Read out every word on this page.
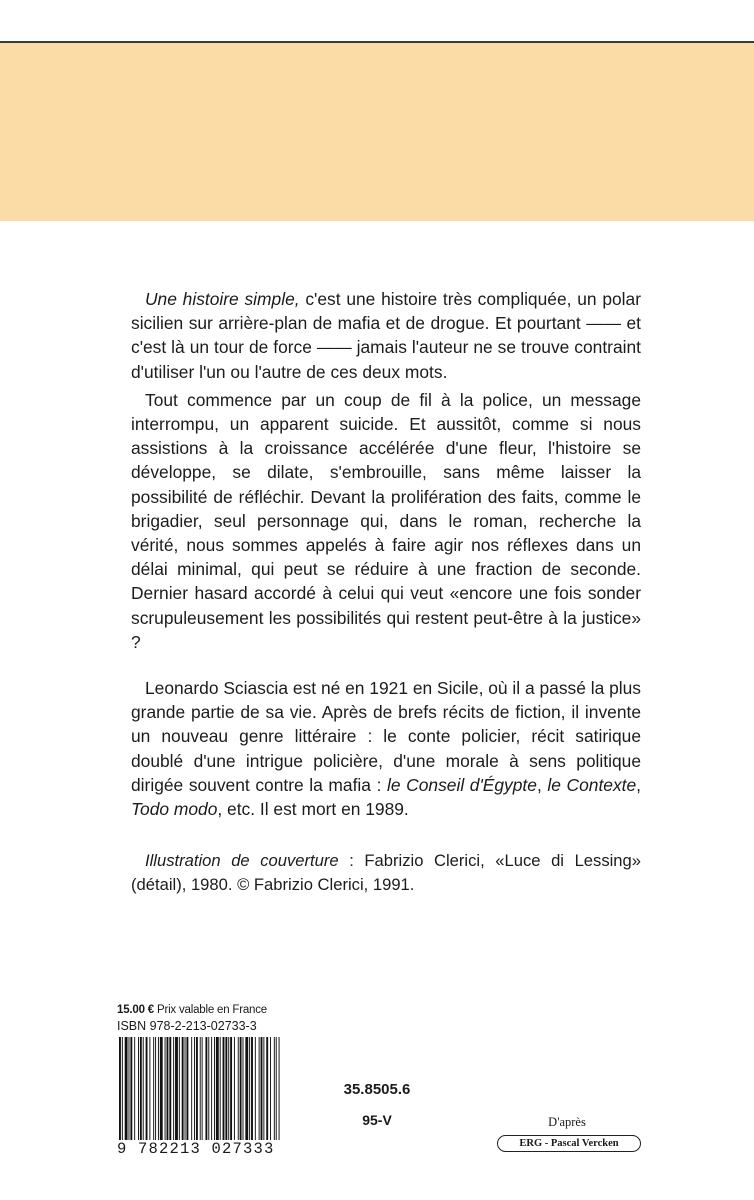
Une histoire simple, c'est une histoire très compliquée, un polar sicilien sur arrière-plan de mafia et de drogue. Et pourtant —— et c'est là un tour de force —— jamais l'auteur ne se trouve contraint d'utiliser l'un ou l'autre de ces deux mots.

Tout commence par un coup de fil à la police, un message interrompu, un apparent suicide. Et aussitôt, comme si nous assistions à la croissance accélérée d'une fleur, l'histoire se développe, se dilate, s'embrouille, sans même laisser la possibilité de réfléchir. Devant la prolifération des faits, comme le brigadier, seul personnage qui, dans le roman, recherche la vérité, nous sommes appelés à faire agir nos réflexes dans un délai minimal, qui peut se réduire à une fraction de seconde. Dernier hasard accordé à celui qui veut «encore une fois sonder scrupuleusement les possibilités qui restent peut-être à la justice» ?

Leonardo Sciascia est né en 1921 en Sicile, où il a passé la plus grande partie de sa vie. Après de brefs récits de fiction, il invente un nouveau genre littéraire : le conte policier, récit satirique doublé d'une intrigue policière, d'une morale à sens politique dirigée souvent contre la mafia : le Conseil d'Égypte, le Contexte, Todo modo, etc. Il est mort en 1989.

Illustration de couverture : Fabrizio Clerici, «Luce di Lessing» (détail), 1980. © Fabrizio Clerici, 1991.

15.00 € Prix valable en France
ISBN 978-2-213-02733-3
9 782213 027333
35.8505.6
95-V	D'après
ERG - Pascal Vercken
